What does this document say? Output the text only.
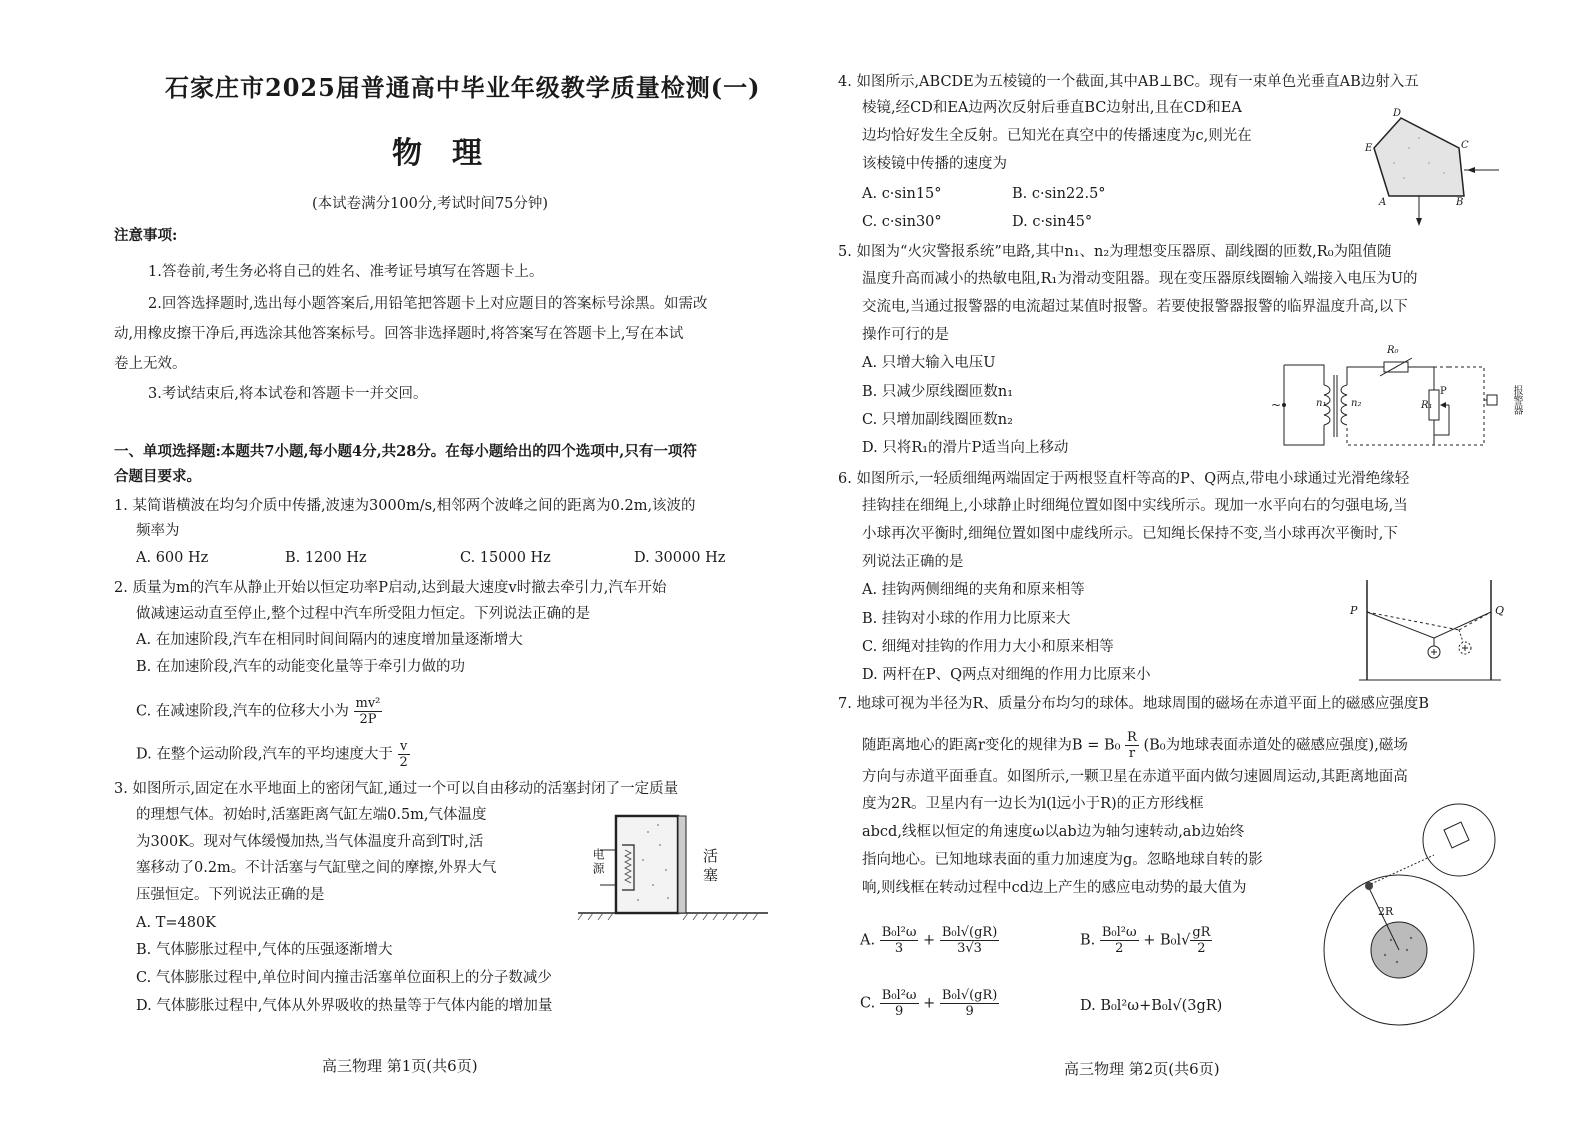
石家庄市2025届普通高中毕业年级教学质量检测(一)
物理
(本试卷满分100分,考试时间75分钟)
注意事项:
1.答卷前,考生务必将自己的姓名、准考证号填写在答题卡上。
2.回答选择题时,选出每小题答案后,用铅笔把答题卡上对应题目的答案标号涂黑。如需改
动,用橡皮擦干净后,再选涂其他答案标号。回答非选择题时,将答案写在答题卡上,写在本试
卷上无效。
3.考试结束后,将本试卷和答题卡一并交回。
一、单项选择题:本题共7小题,每小题4分,共28分。在每小题给出的四个选项中,只有一项符
合题目要求。
1. 某简谐横波在均匀介质中传播,波速为3000m/s,相邻两个波峰之间的距离为0.2m,该波的
频率为
A. 600 Hz	B. 1200 Hz	C. 15000 Hz	D. 30000 Hz
2. 质量为m的汽车从静止开始以恒定功率P启动,达到最大速度v时撤去牵引力,汽车开始
做减速运动直至停止,整个过程中汽车所受阻力恒定。下列说法正确的是
A. 在加速阶段,汽车在相同时间间隔内的速度增加量逐渐增大
B. 在加速阶段,汽车的动能变化量等于牵引力做的功
C. 在减速阶段,汽车的位移大小为 $\frac{\text{mv²}}{2P}$
D. 在整个运动阶段,汽车的平均速度大于 $\frac{v}{2}$
3. 如图所示,固定在水平地面上的密闭气缸,通过一个可以自由移动的活塞封闭了一定质量
的理想气体。初始时,活塞距离气缸左端0.5m,气体温度
为300K。现对气体缓慢加热,当气体温度升高到T时,活
塞移动了0.2m。不计活塞与气缸壁之间的摩擦,外界大气
压强恒定。下列说法正确的是
A. T=480K
B. 气体膨胀过程中,气体的压强逐渐增大
C. 气体膨胀过程中,单位时间内撞击活塞单位面积上的分子数减少
D. 气体膨胀过程中,气体从外界吸收的热量等于气体内能的增加量
电源	活塞
高三物理 第1页(共6页)
4. 如图所示,ABCDE为五棱镜的一个截面,其中AB⊥BC。现有一束单色光垂直AB边射入五
棱镜,经CD和EA边两次反射后垂直BC边射出,且在CD和EA
边均恰好发生全反射。已知光在真空中的传播速度为c,则光在
该棱镜中传播的速度为
A. c·sin15°	B. c·sin22.5°
C. c·sin30°	D. c·sin45°
D
E	C
A	B
5. 如图为“火灾警报系统”电路,其中n₁、n₂为理想变压器原、副线圈的匝数,R₀为阻值随
温度升高而减小的热敏电阻,R₁为滑动变阻器。现在变压器原线圈输入端接入电压为U的
交流电,当通过报警器的电流超过某值时报警。若要使报警器报警的临界温度升高,以下
操作可行的是
A. 只增大输入电压U
B. 只减少原线圈匝数n₁
C. 只增加副线圈匝数n₂
D. 只将R₁的滑片P适当向上移动
R₀
n₁ n₂	R₁
P
~	报警器
6. 如图所示,一轻质细绳两端固定于两根竖直杆等高的P、Q两点,带电小球通过光滑绝缘轻
挂钩挂在细绳上,小球静止时细绳位置如图中实线所示。现加一水平向右的匀强电场,当
小球再次平衡时,细绳位置如图中虚线所示。已知绳长保持不变,当小球再次平衡时,下
列说法正确的是
A. 挂钩两侧细绳的夹角和原来相等
B. 挂钩对小球的作用力比原来大
C. 细绳对挂钩的作用力大小和原来相等
D. 两杆在P、Q两点对细绳的作用力比原来小
P	Q
7. 地球可视为半径为R、质量分布均匀的球体。地球周围的磁场在赤道平面上的磁感应强度B
随距离地心的距离r变化的规律为$B = B_0 \frac{R}{r} (B_0$为地球表面赤道处的磁感应强度),磁场
方向与赤道平面垂直。如图所示,一颗卫星在赤道平面内做匀速圆周运动,其距离地面高
度为2R。卫星内有一边长为l(l远小于R)的正方形线框
abcd,线框以恒定的角速度ω以ab边为轴匀速转动,ab边始终
指向地心。已知地球表面的重力加速度为g。忽略地球自转的影
响,则线框在转动过程中cd边上产生的感应电动势的最大值为
A. $\frac{\text{B₀l²ω}}{3} + \frac{\text{B₀l√(gR)}}{3√3}$	B. $\frac{\text{B₀l²ω}}{2} + B_0l√ \frac{gR}{2}$
C. $\frac{\text{B₀l²ω}}{9} + \frac{\text{B₀l√(gR)}}{9}$	D. B₀l²ω+B₀l√(3gR)
2R
高三物理 第2页(共6页)
